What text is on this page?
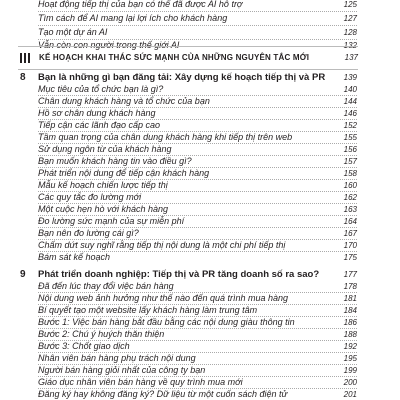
Hoạt động tiếp thị của bạn có thể đã được AI hỗ trợ	125
Tìm cách để AI mang lại lợi ích cho khách hàng	127
Tạo một dự án AI	128
Vẫn còn con người trong thế giới AI	132
KẾ HOẠCH KHAI THÁC SỨC MẠNH CỦA NHỮNG NGUYÊN TẮC MỚI	137
8 Bạn là những gì bạn đăng tải: Xây dựng kế hoạch tiếp thị và PR	139
Mục tiêu của tổ chức bạn là gì?	140
Chân dung khách hàng và tổ chức của bạn	144
Hồ sơ chân dung khách hàng	146
Tiếp cận các lãnh đạo cấp cao	152
Tầm quan trọng của chân dung khách hàng khi tiếp thị trên web	155
Sử dụng ngôn từ của khách hàng	156
Bạn muốn khách hàng tin vào điều gì?	157
Phát triển nội dung để tiếp cận khách hàng	158
Mẫu kế hoạch chiến lược tiếp thị	160
Các quy tắc đo lường mới	162
Một cuộc hẹn hò với khách hàng	163
Đo lường sức mạnh của sự miễn phí	164
Bạn nên đo lường cái gì?	167
Chấm dứt suy nghĩ rằng tiếp thị nội dung là một chi phí tiếp thị	170
Bám sát kế hoạch	175
9 Phát triển doanh nghiệp: Tiếp thị và PR tăng doanh số ra sao?	177
Đã đến lúc thay đổi việc bán hàng	178
Nội dung web ảnh hưởng như thế nào đến quá trình mua hàng	181
Bí quyết tạo một website lấy khách hàng làm trung tâm	184
Bước 1: Việc bán hàng bắt đầu bằng các nội dung giàu thông tin	186
Bước 2: Chú ý huých thăn thiện	188
Bước 3: Chốt giao dịch	192
Nhân viên bán hàng phụ trách nội dung	195
Người bán hàng giỏi nhất của công ty bạn	199
Giáo dục nhân viên bán hàng về quy trình mua mới	200
Đăng ký hay không đăng ký? Dữ liệu từ một cuốn sách điện tử	201
